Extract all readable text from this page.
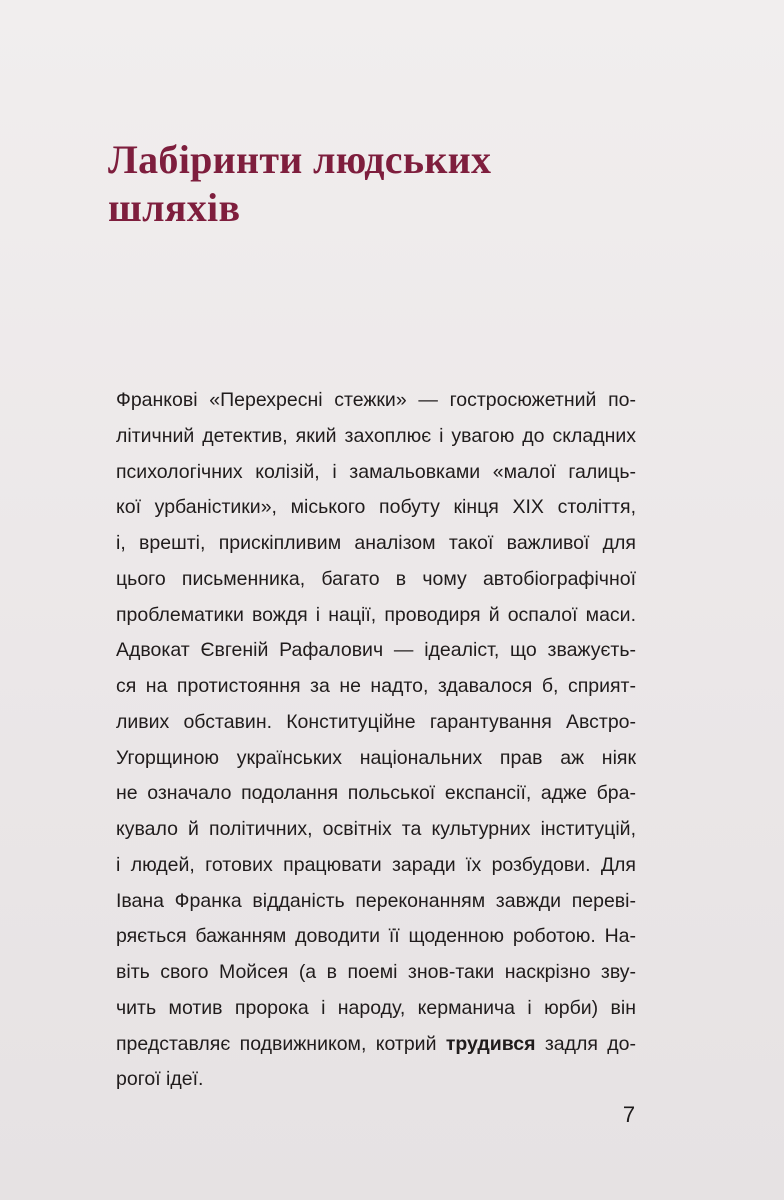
Лабіринти людських
шляхів
Франкові «Перехресні стежки» — гостросюжетний по-
літичний детектив, який захоплює і увагою до складних
психологічних колізій, і замальовками «малої галиць-
кої урбаністики», міського побуту кінця XIX століття,
і, врешті, прискіпливим аналізом такої важливої для
цього письменника, багато в чому автобіографічної
проблематики вождя і нації, проводиря й оспалої маси.
Адвокат Євгеній Рафалович — ідеаліст, що зважуєть-
ся на протистояння за не надто, здавалося б, сприят-
ливих обставин. Конституційне гарантування Австро-
Угорщиною українських національних прав аж ніяк
не означало подолання польської експансії, адже бра-
кувало й політичних, освітніх та культурних інституцій,
і людей, готових працювати заради їх розбудови. Для
Івана Франка відданість переконанням завжди переві-
ряється бажанням доводити її щоденною роботою. На-
віть свого Мойсея (а в поемі знов-таки наскрізно зву-
чить мотив пророка і народу, керманича і юрби) він
представляє подвижником, котрий трудився задля до-
рогої ідеї.
7
